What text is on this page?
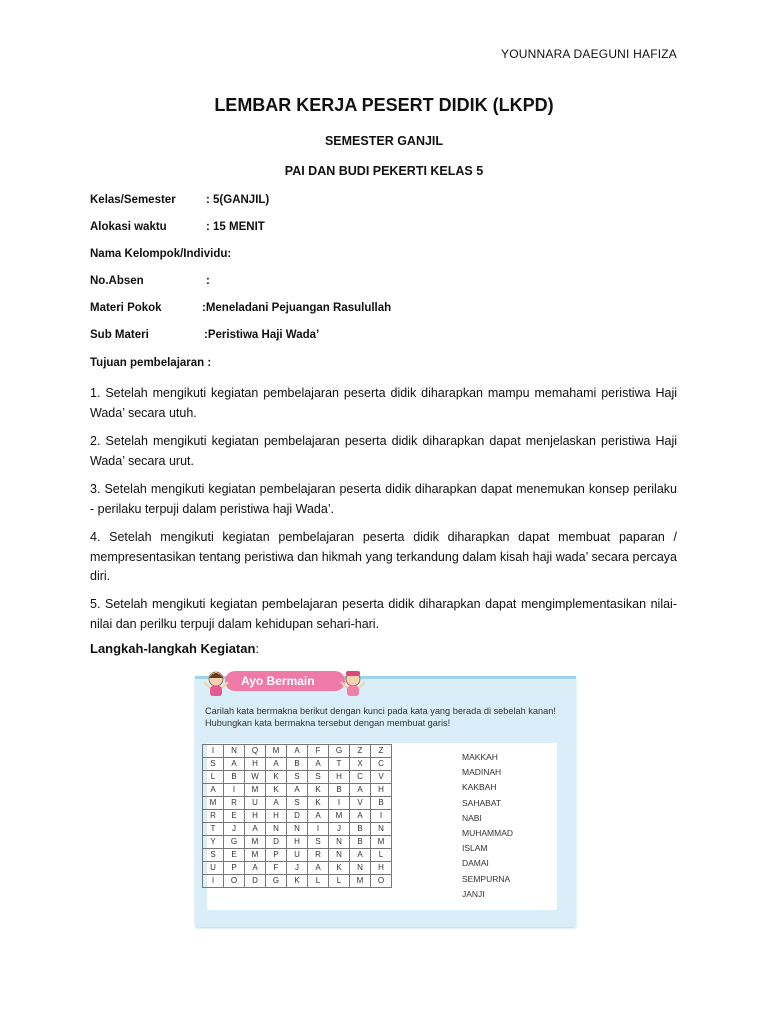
YOUNNARA DAEGUNI HAFIZA
LEMBAR KERJA PESERT DIDIK (LKPD)
SEMESTER GANJIL
PAI DAN BUDI PEKERTI KELAS 5
Kelas/Semester	: 5(GANJIL)
Alokasi waktu	: 15 MENIT
Nama Kelompok/Individu:
No.Absen	:
Materi Pokok	:Meneladani Pejuangan Rasulullah
Sub Materi	:Peristiwa Haji Wada’
Tujuan pembelajaran :
1. Setelah mengikuti kegiatan pembelajaran peserta didik diharapkan mampu memahami peristiwa Haji Wada’ secara utuh.
2. Setelah mengikuti kegiatan pembelajaran peserta didik diharapkan dapat menjelaskan peristiwa Haji Wada’ secara urut.
3. Setelah mengikuti kegiatan pembelajaran peserta didik diharapkan dapat menemukan konsep perilaku - perilaku terpuji dalam peristiwa haji Wada’.
4. Setelah mengikuti kegiatan pembelajaran peserta didik diharapkan dapat membuat paparan / mempresentasikan tentang peristiwa dan hikmah yang terkandung dalam kisah haji wada’ secara percaya diri.
5. Setelah mengikuti kegiatan pembelajaran peserta didik diharapkan dapat mengimplementasikan nilai-nilai dan perilku terpuji dalam kehidupan sehari-hari.
Langkah-langkah Kegiatan:
Ayo Bermain
Carilah kata bermakna berikut dengan kunci pada kata yang berada di sebelah kanan!
Hubungkan kata bermakna tersebut dengan membuat garis!
I	N	Q	M	A	F	G	Z	Z
S	A	H	A	B	A	T	X	C
L	B	W	K	S	S	H	C	V
A	I	M	K	A	K	B	A	H
M	R	U	A	S	K	I	V	B
R	E	H	H	D	A	M	A	I
T	J	A	N	N	I	J	B	N
Y	G	M	D	H	S	N	B	M
S	E	M	P	U	R	N	A	L
U	P	A	F	J	A	K	N	H
I	O	D	G	K	L	L	M	O
MAKKAH
MADINAH
KAKBAH
SAHABAT
NABI
MUHAMMAD
ISLAM
DAMAI
SEMPURNA
JANJI
